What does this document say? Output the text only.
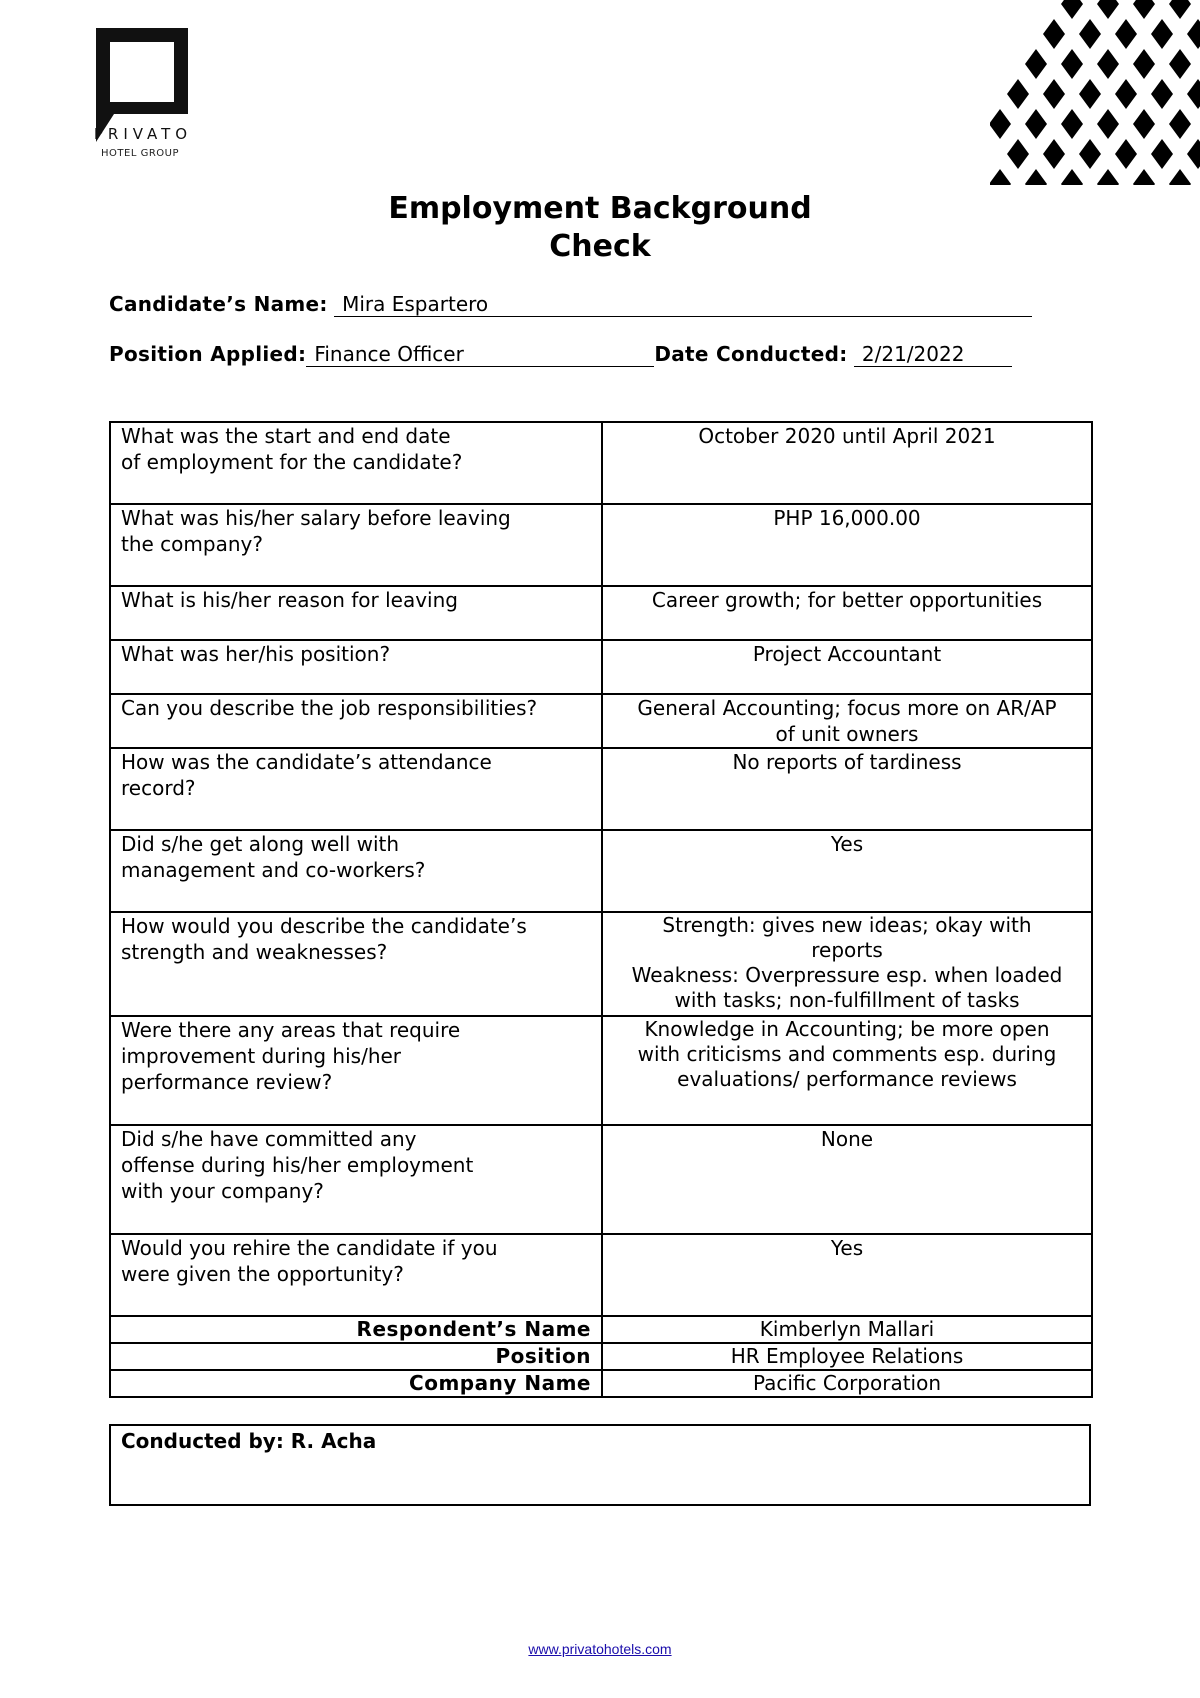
PRIVATO
HOTEL GROUP
Employment Background
Check
Candidate’s Name: Mira Espartero
Position Applied: Finance Officer	Date Conducted: 2/21/2022
What was the start and end date
of employment for the candidate?	October 2020 until April 2021
What was his/her salary before leaving
the company?	PHP 16,000.00
What is his/her reason for leaving	Career growth; for better opportunities
What was her/his position?	Project Accountant
Can you describe the job responsibilities?	General Accounting; focus more on AR/AP
of unit owners
How was the candidate’s attendance
record?	No reports of tardiness
Did s/he get along well with
management and co-workers?	Yes
How would you describe the candidate’s
strength and weaknesses?	Strength: gives new ideas; okay with
reports
Weakness: Overpressure esp. when loaded
with tasks; non-fulfillment of tasks
Were there any areas that require
improvement during his/her
performance review?	Knowledge in Accounting; be more open
with criticisms and comments esp. during
evaluations/ performance reviews
Did s/he have committed any
offense during his/her employment
with your company?	None
Would you rehire the candidate if you
were given the opportunity?	Yes
Respondent’s Name	Kimberlyn Mallari
Position	HR Employee Relations
Company Name	Pacific Corporation
Conducted by: R. Acha
www.privatohotels.com
